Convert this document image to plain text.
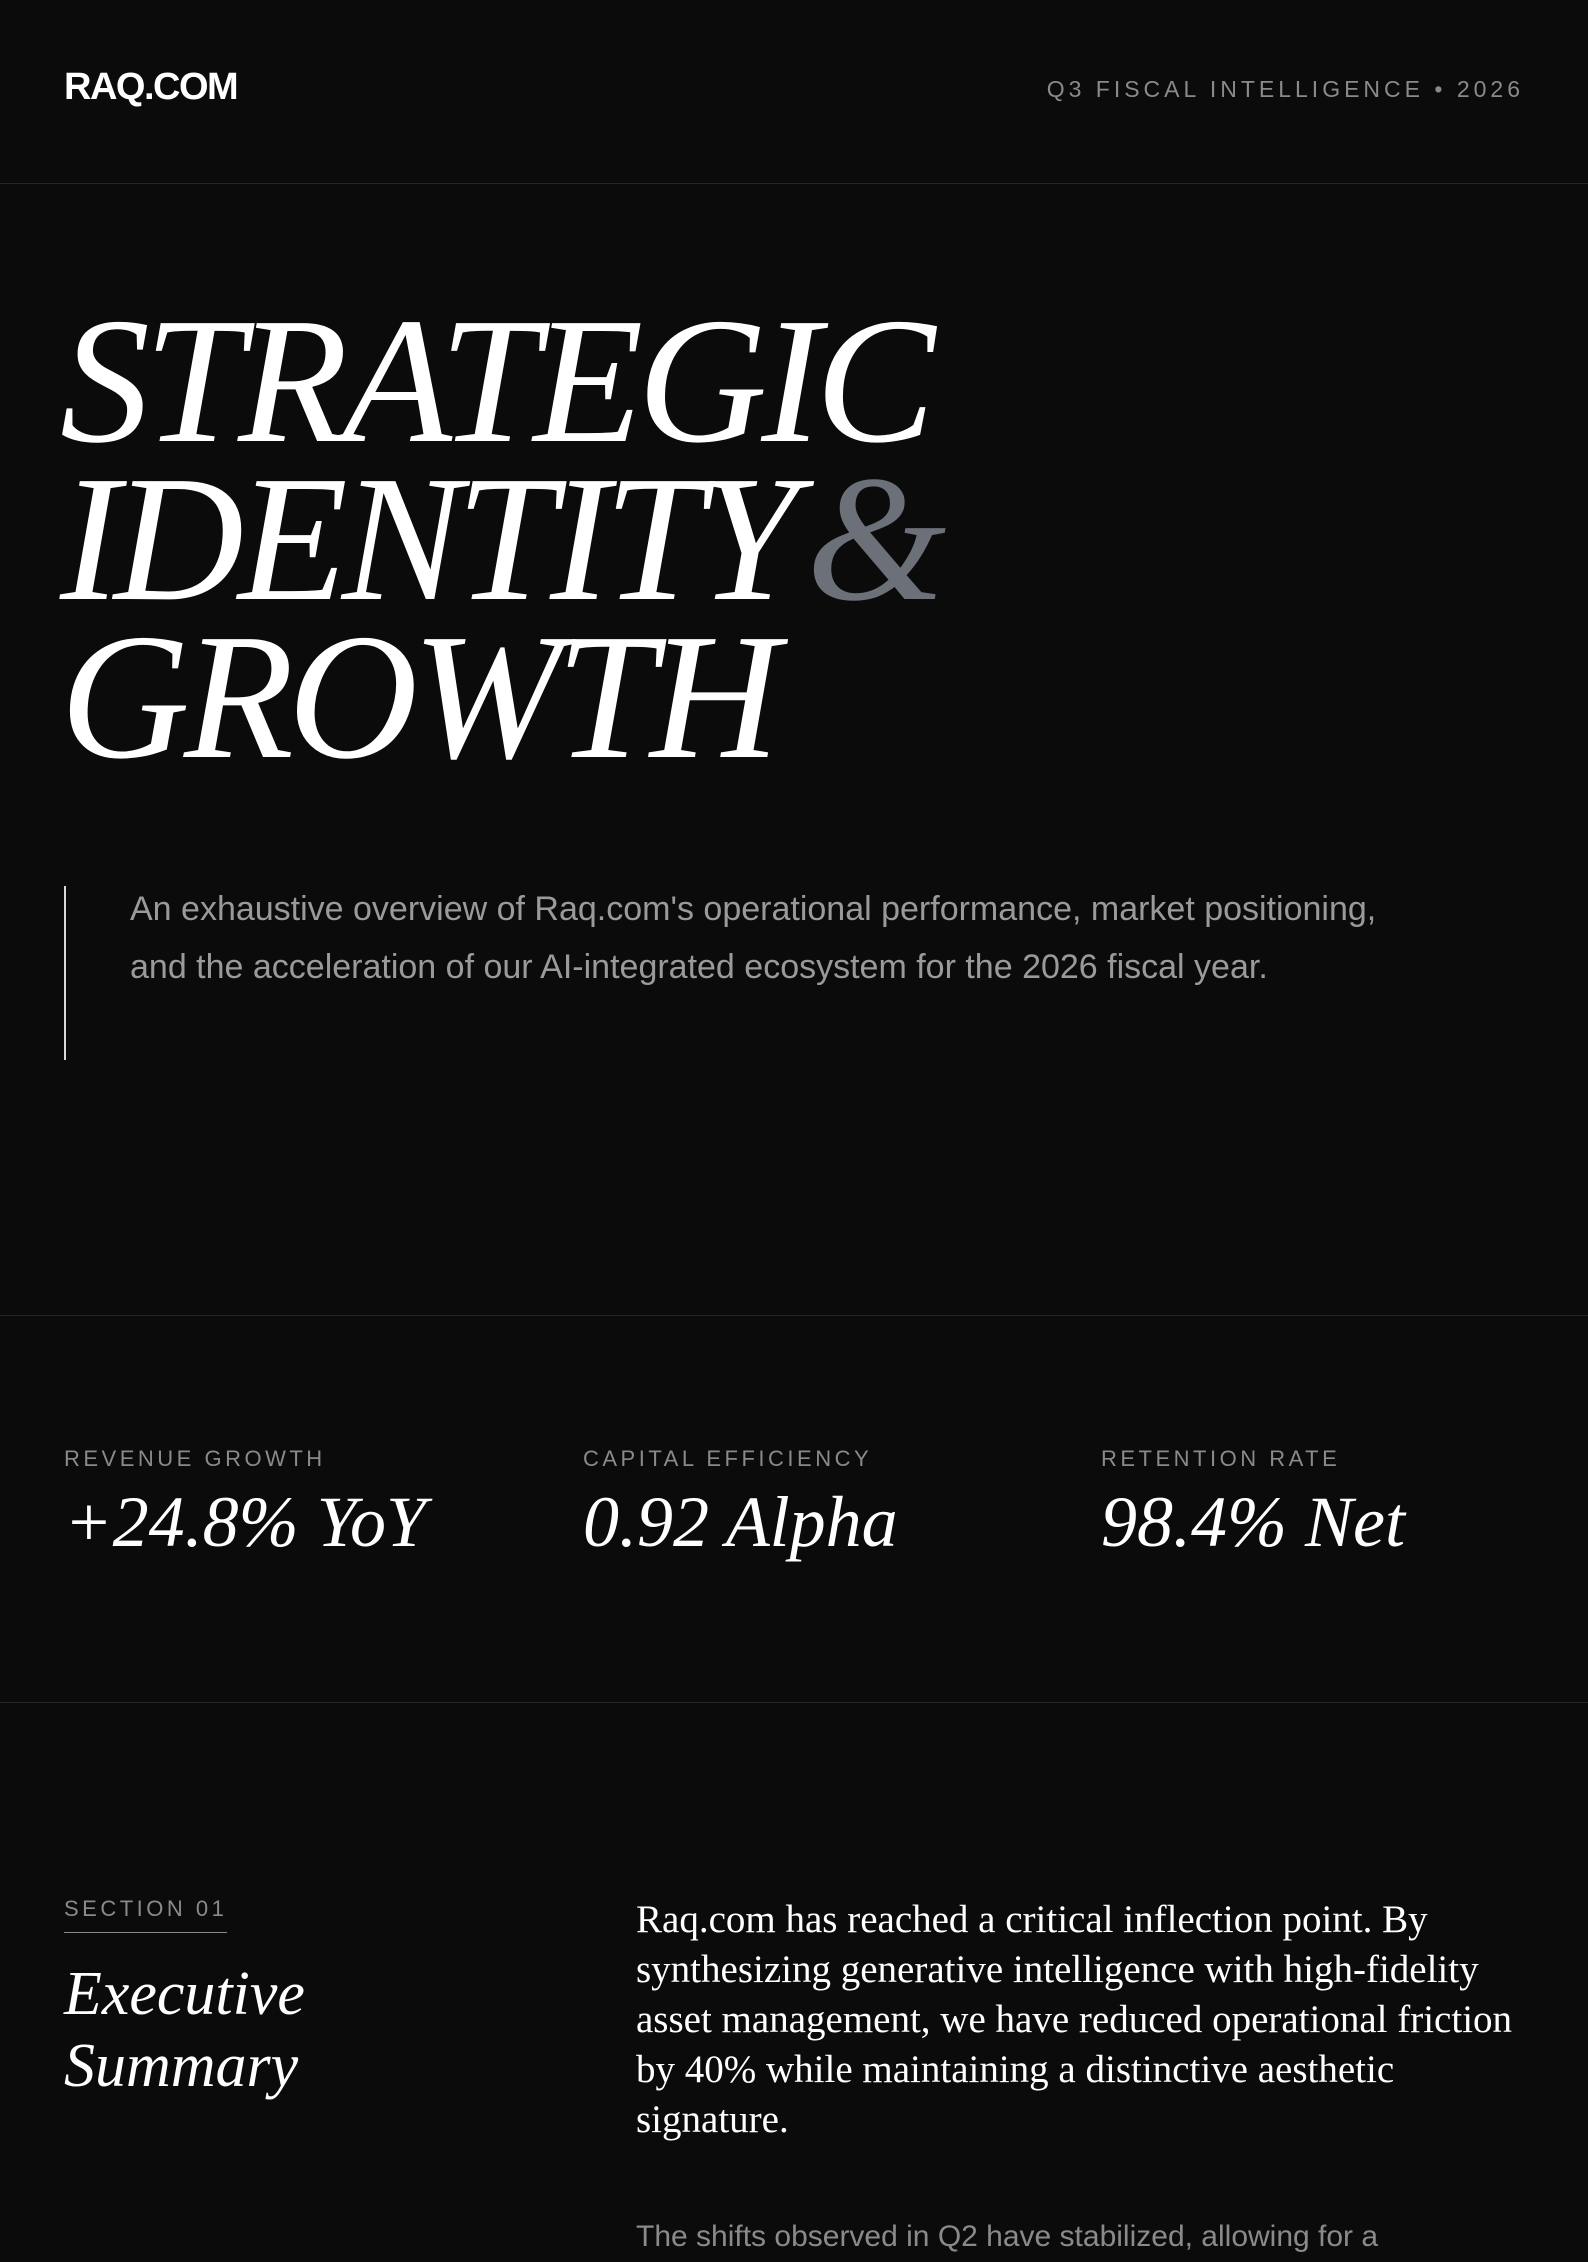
RAQ.COM	Q3 FISCAL INTELLIGENCE • 2026
STRATEGIC
IDENTITY&
GROWTH

An exhaustive overview of Raq.com's operational performance, market positioning, and the acceleration of our AI-integrated ecosystem for the 2026 fiscal year.

REVENUE GROWTH
+24.8% YoY
CAPITAL EFFICIENCY
0.92 Alpha
RETENTION RATE
98.4% Net
SECTION 01
Executive
Summary

Raq.com has reached a critical inflection point. By synthesizing generative intelligence with high-fidelity asset management, we have reduced operational friction by 40% while maintaining a distinctive aesthetic signature.

The shifts observed in Q2 have stabilized, allowing for a
